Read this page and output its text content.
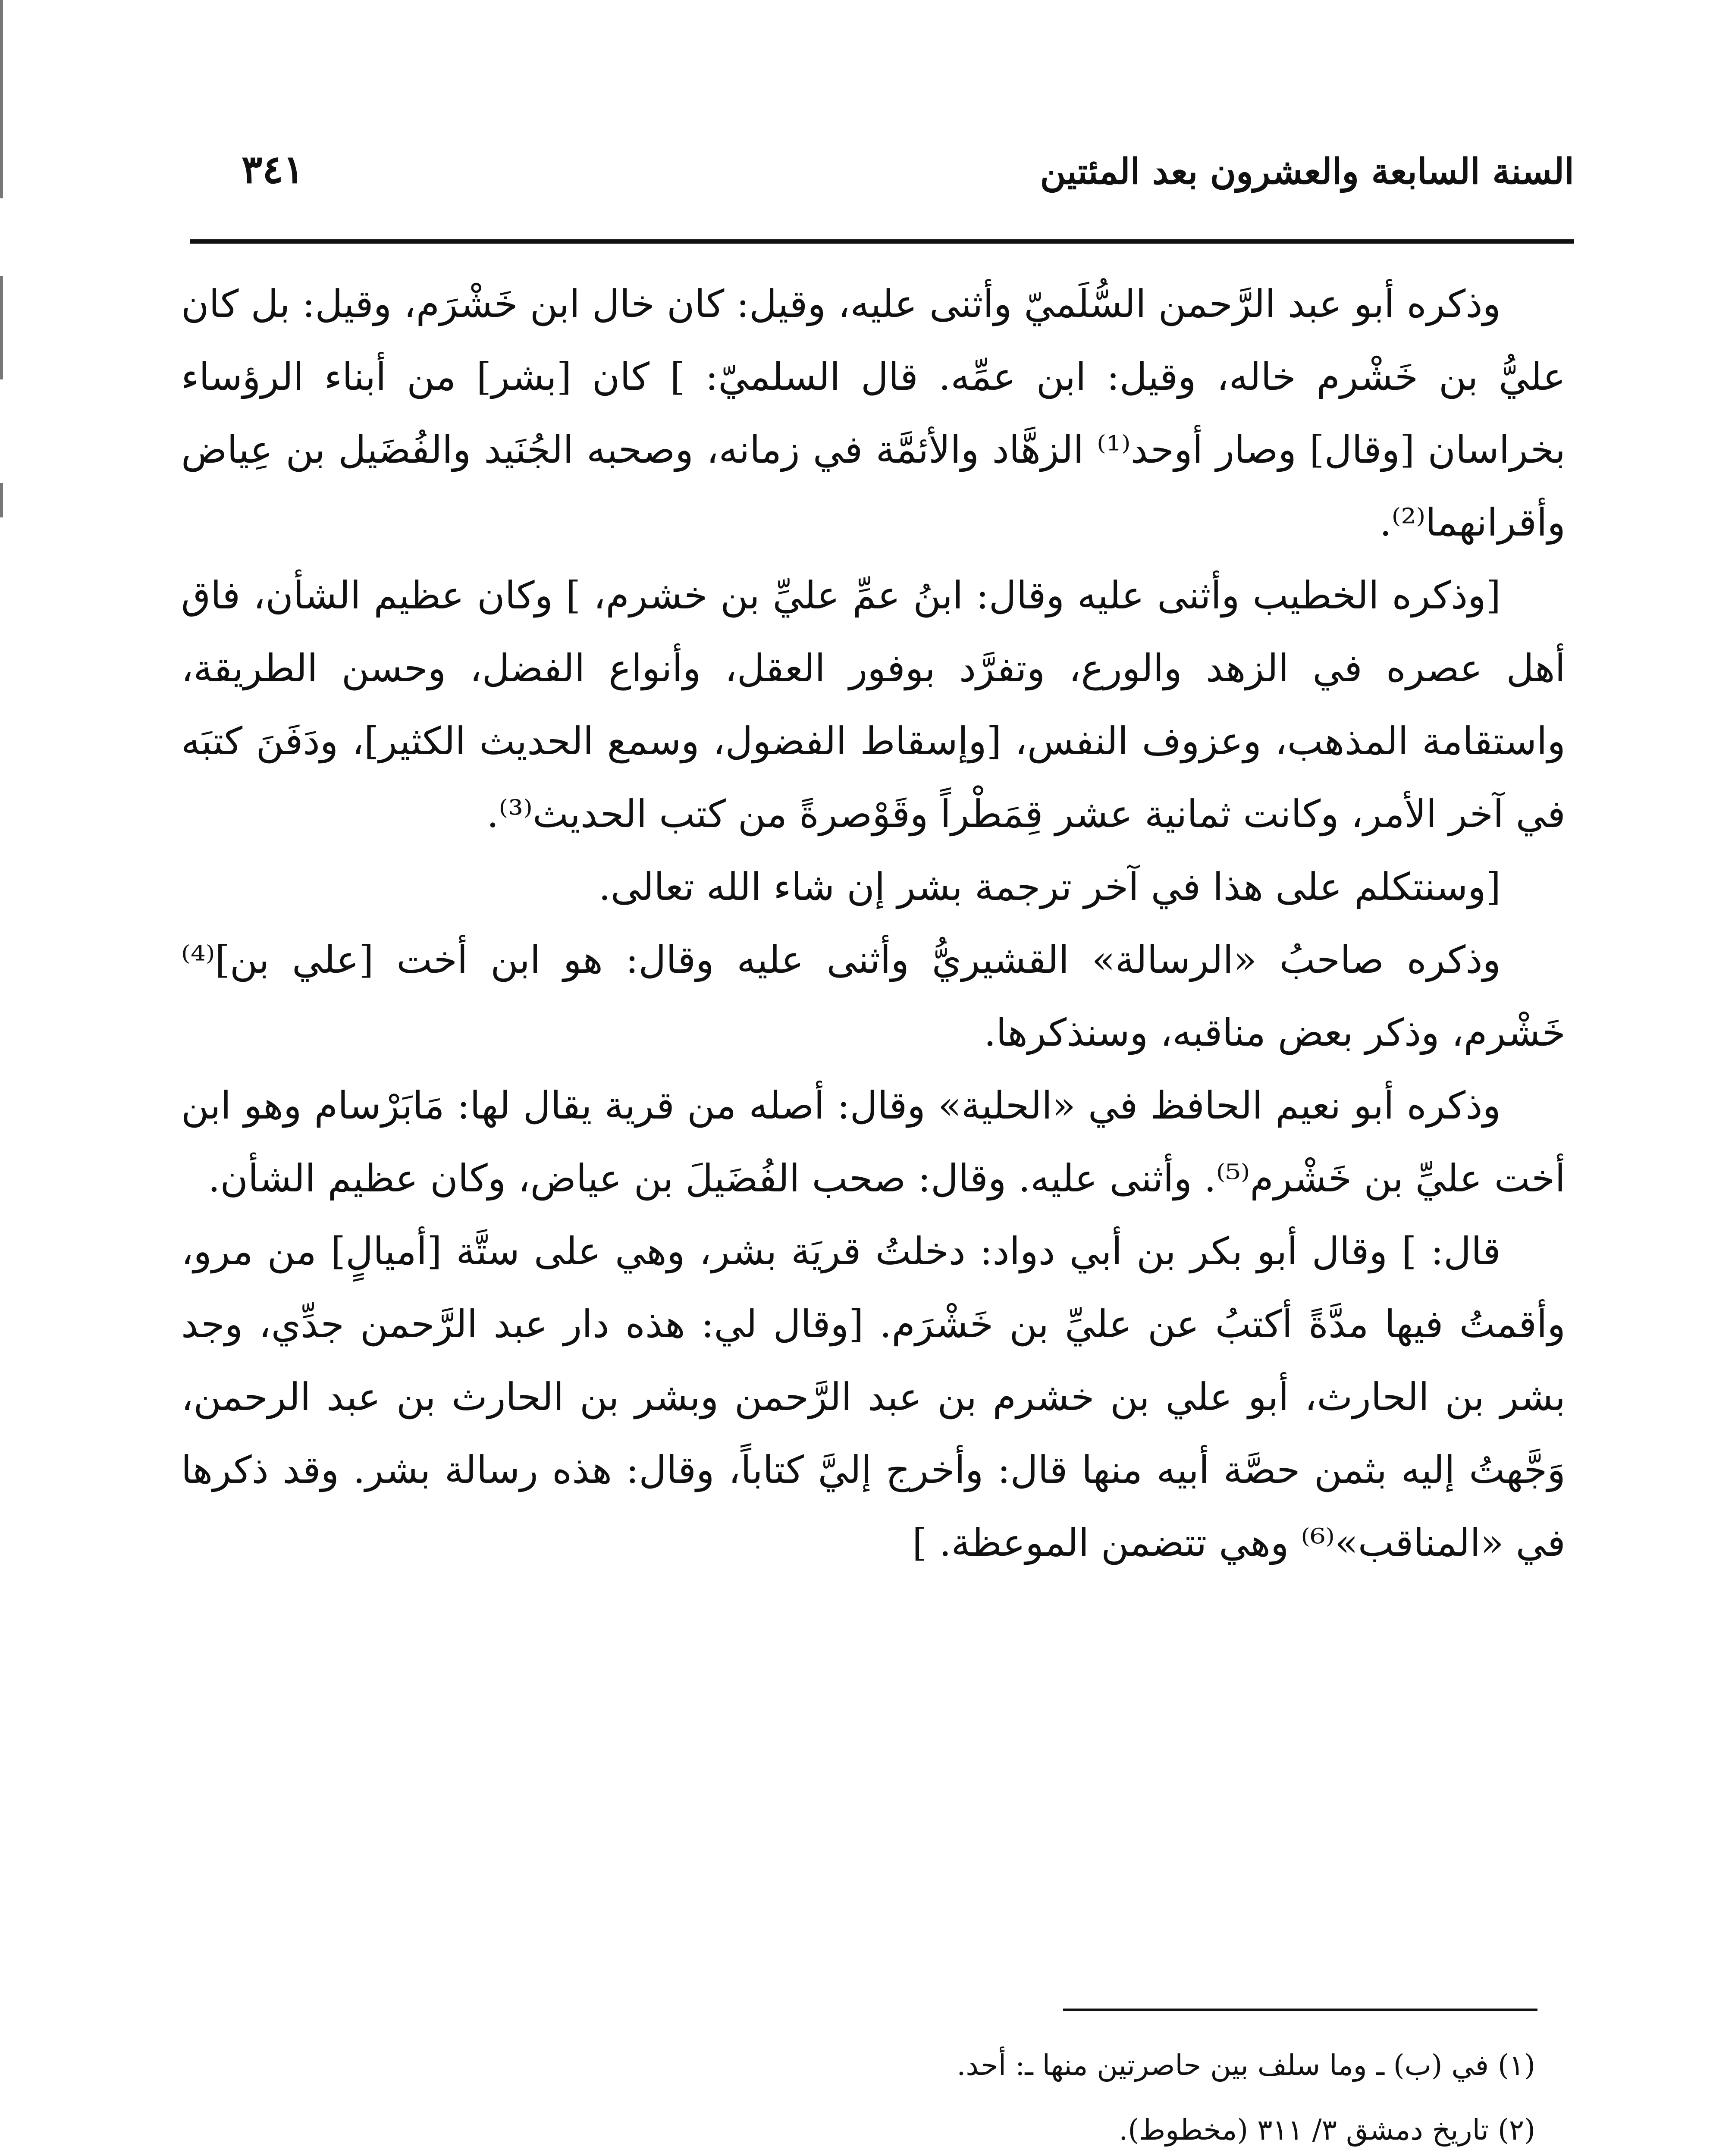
السنة السابعة والعشرون بعد المئتين
٣٤١

وذكره أبو عبد الرَّحمن السُّلَميّ وأثنى عليه، وقيل: كان خال ابن خَشْرَم، وقيل: بل كان عليُّ بن خَشْرم خاله، وقيل: ابن عمِّه. قال السلميّ: ] كان [بشر] من أبناء الرؤساء بخراسان [وقال] وصار أوحد⁽¹⁾ الزهَّاد والأئمَّة في زمانه، وصحبه الجُنَيد والفُضَيل بن عِياض وأقرانهما⁽²⁾.

[وذكره الخطيب وأثنى عليه وقال: ابنُ عمِّ عليِّ بن خشرم، ] وكان عظيم الشأن، فاق أهل عصره في الزهد والورع، وتفرَّد بوفور العقل، وأنواع الفضل، وحسن الطريقة، واستقامة المذهب، وعزوف النفس، [وإسقاط الفضول، وسمع الحديث الكثير]، ودَفَنَ كتبَه في آخر الأمر، وكانت ثمانية عشر قِمَطْراً وقَوْصرةً من كتب الحديث⁽³⁾.

[وسنتكلم على هذا في آخر ترجمة بشر إن شاء الله تعالى.

وذكره صاحبُ «الرسالة» القشيريُّ وأثنى عليه وقال: هو ابن أخت [علي بن]⁽⁴⁾ خَشْرم، وذكر بعض مناقبه، وسنذكرها.

وذكره أبو نعيم الحافظ في «الحلية» وقال: أصله من قرية يقال لها: مَابَرْسام وهو ابن أخت عليِّ بن خَشْرم⁽⁵⁾. وأثنى عليه. وقال: صحب الفُضَيلَ بن عياض، وكان عظيم الشأن.

قال: ] وقال أبو بكر بن أبي دواد: دخلتُ قريَة بشر، وهي على ستَّة [أميالٍ] من مرو، وأقمتُ فيها مدَّةً أكتبُ عن عليِّ بن خَشْرَم. [وقال لي: هذه دار عبد الرَّحمن جدِّي، وجد بشر بن الحارث، أبو علي بن خشرم بن عبد الرَّحمن وبشر بن الحارث بن عبد الرحمن، وَجَّهتُ إليه بثمن حصَّة أبيه منها قال: وأخرج إليَّ كتاباً، وقال: هذه رسالة بشر. وقد ذكرها في «المناقب»⁽⁶⁾ وهي تتضمن الموعظة. ]

(١) في (ب) ـ وما سلف بين حاصرتين منها ـ: أحد.
(٢) تاريخ دمشق ٣/ ٣١١ (مخطوط).
